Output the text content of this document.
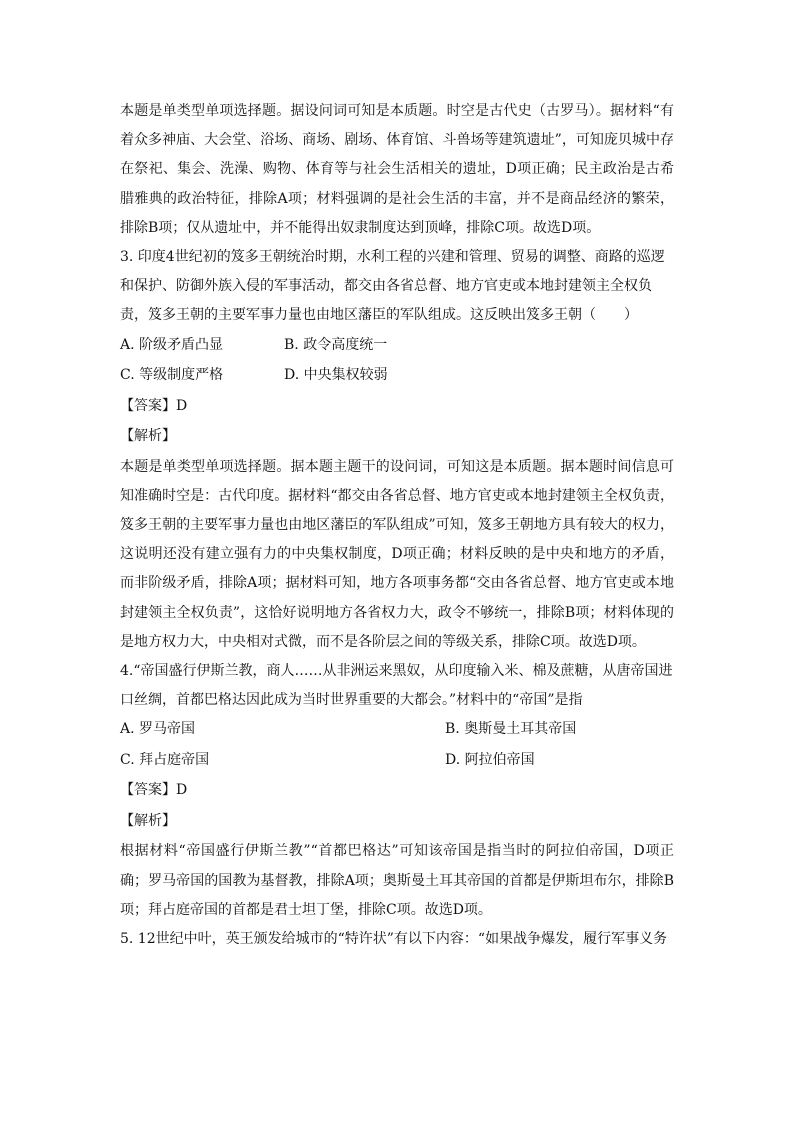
本题是单类型单项选择题。据设问词可知是本质题。时空是古代史（古罗马）。据材料“有着众多神庙、大会堂、浴场、商场、剧场、体育馆、斗兽场等建筑遗址”，可知庞贝城中存在祭祀、集会、洗澡、购物、体育等与社会生活相关的遗址，D项正确；民主政治是古希腊雅典的政治特征，排除A项；材料强调的是社会生活的丰富，并不是商品经济的繁荣，排除B项；仅从遗址中，并不能得出奴隶制度达到顶峰，排除C项。故选D项。

3. 印度4世纪初的笈多王朝统治时期，水利工程的兴建和管理、贸易的调整、商路的巡逻和保护、防御外族入侵的军事活动，都交由各省总督、地方官吏或本地封建领主全权负责，笈多王朝的主要军事力量也由地区藩臣的军队组成。这反映出笈多王朝（　　）

A. 阶级矛盾凸显	B. 政令高度统一
C. 等级制度严格	D. 中央集权较弱

【答案】D

【解析】

本题是单类型单项选择题。据本题主题干的设问词，可知这是本质题。据本题时间信息可知准确时空是：古代印度。据材料“都交由各省总督、地方官吏或本地封建领主全权负责，笈多王朝的主要军事力量也由地区藩臣的军队组成”可知，笈多王朝地方具有较大的权力，这说明还没有建立强有力的中央集权制度，D项正确；材料反映的是中央和地方的矛盾，而非阶级矛盾，排除A项；据材料可知，地方各项事务都“交由各省总督、地方官吏或本地封建领主全权负责”，这恰好说明地方各省权力大，政令不够统一，排除B项；材料体现的是地方权力大，中央相对式微，而不是各阶层之间的等级关系，排除C项。故选D项。

4.“帝国盛行伊斯兰教，商人……从非洲运来黑奴，从印度输入米、棉及蔗糖，从唐帝国进口丝绸，首都巴格达因此成为当时世界重要的大都会。”材料中的“帝国”是指

A. 罗马帝国	B. 奥斯曼土耳其帝国
C. 拜占庭帝国	D. 阿拉伯帝国

【答案】D

【解析】

根据材料“帝国盛行伊斯兰教”“首都巴格达”可知该帝国是指当时的阿拉伯帝国，D项正确；罗马帝国的国教为基督教，排除A项；奥斯曼土耳其帝国的首都是伊斯坦布尔，排除B项；拜占庭帝国的首都是君士坦丁堡，排除C项。故选D项。

5. 12世纪中叶，英王颁发给城市的“特许状”有以下内容：“如果战争爆发，履行军事义务
